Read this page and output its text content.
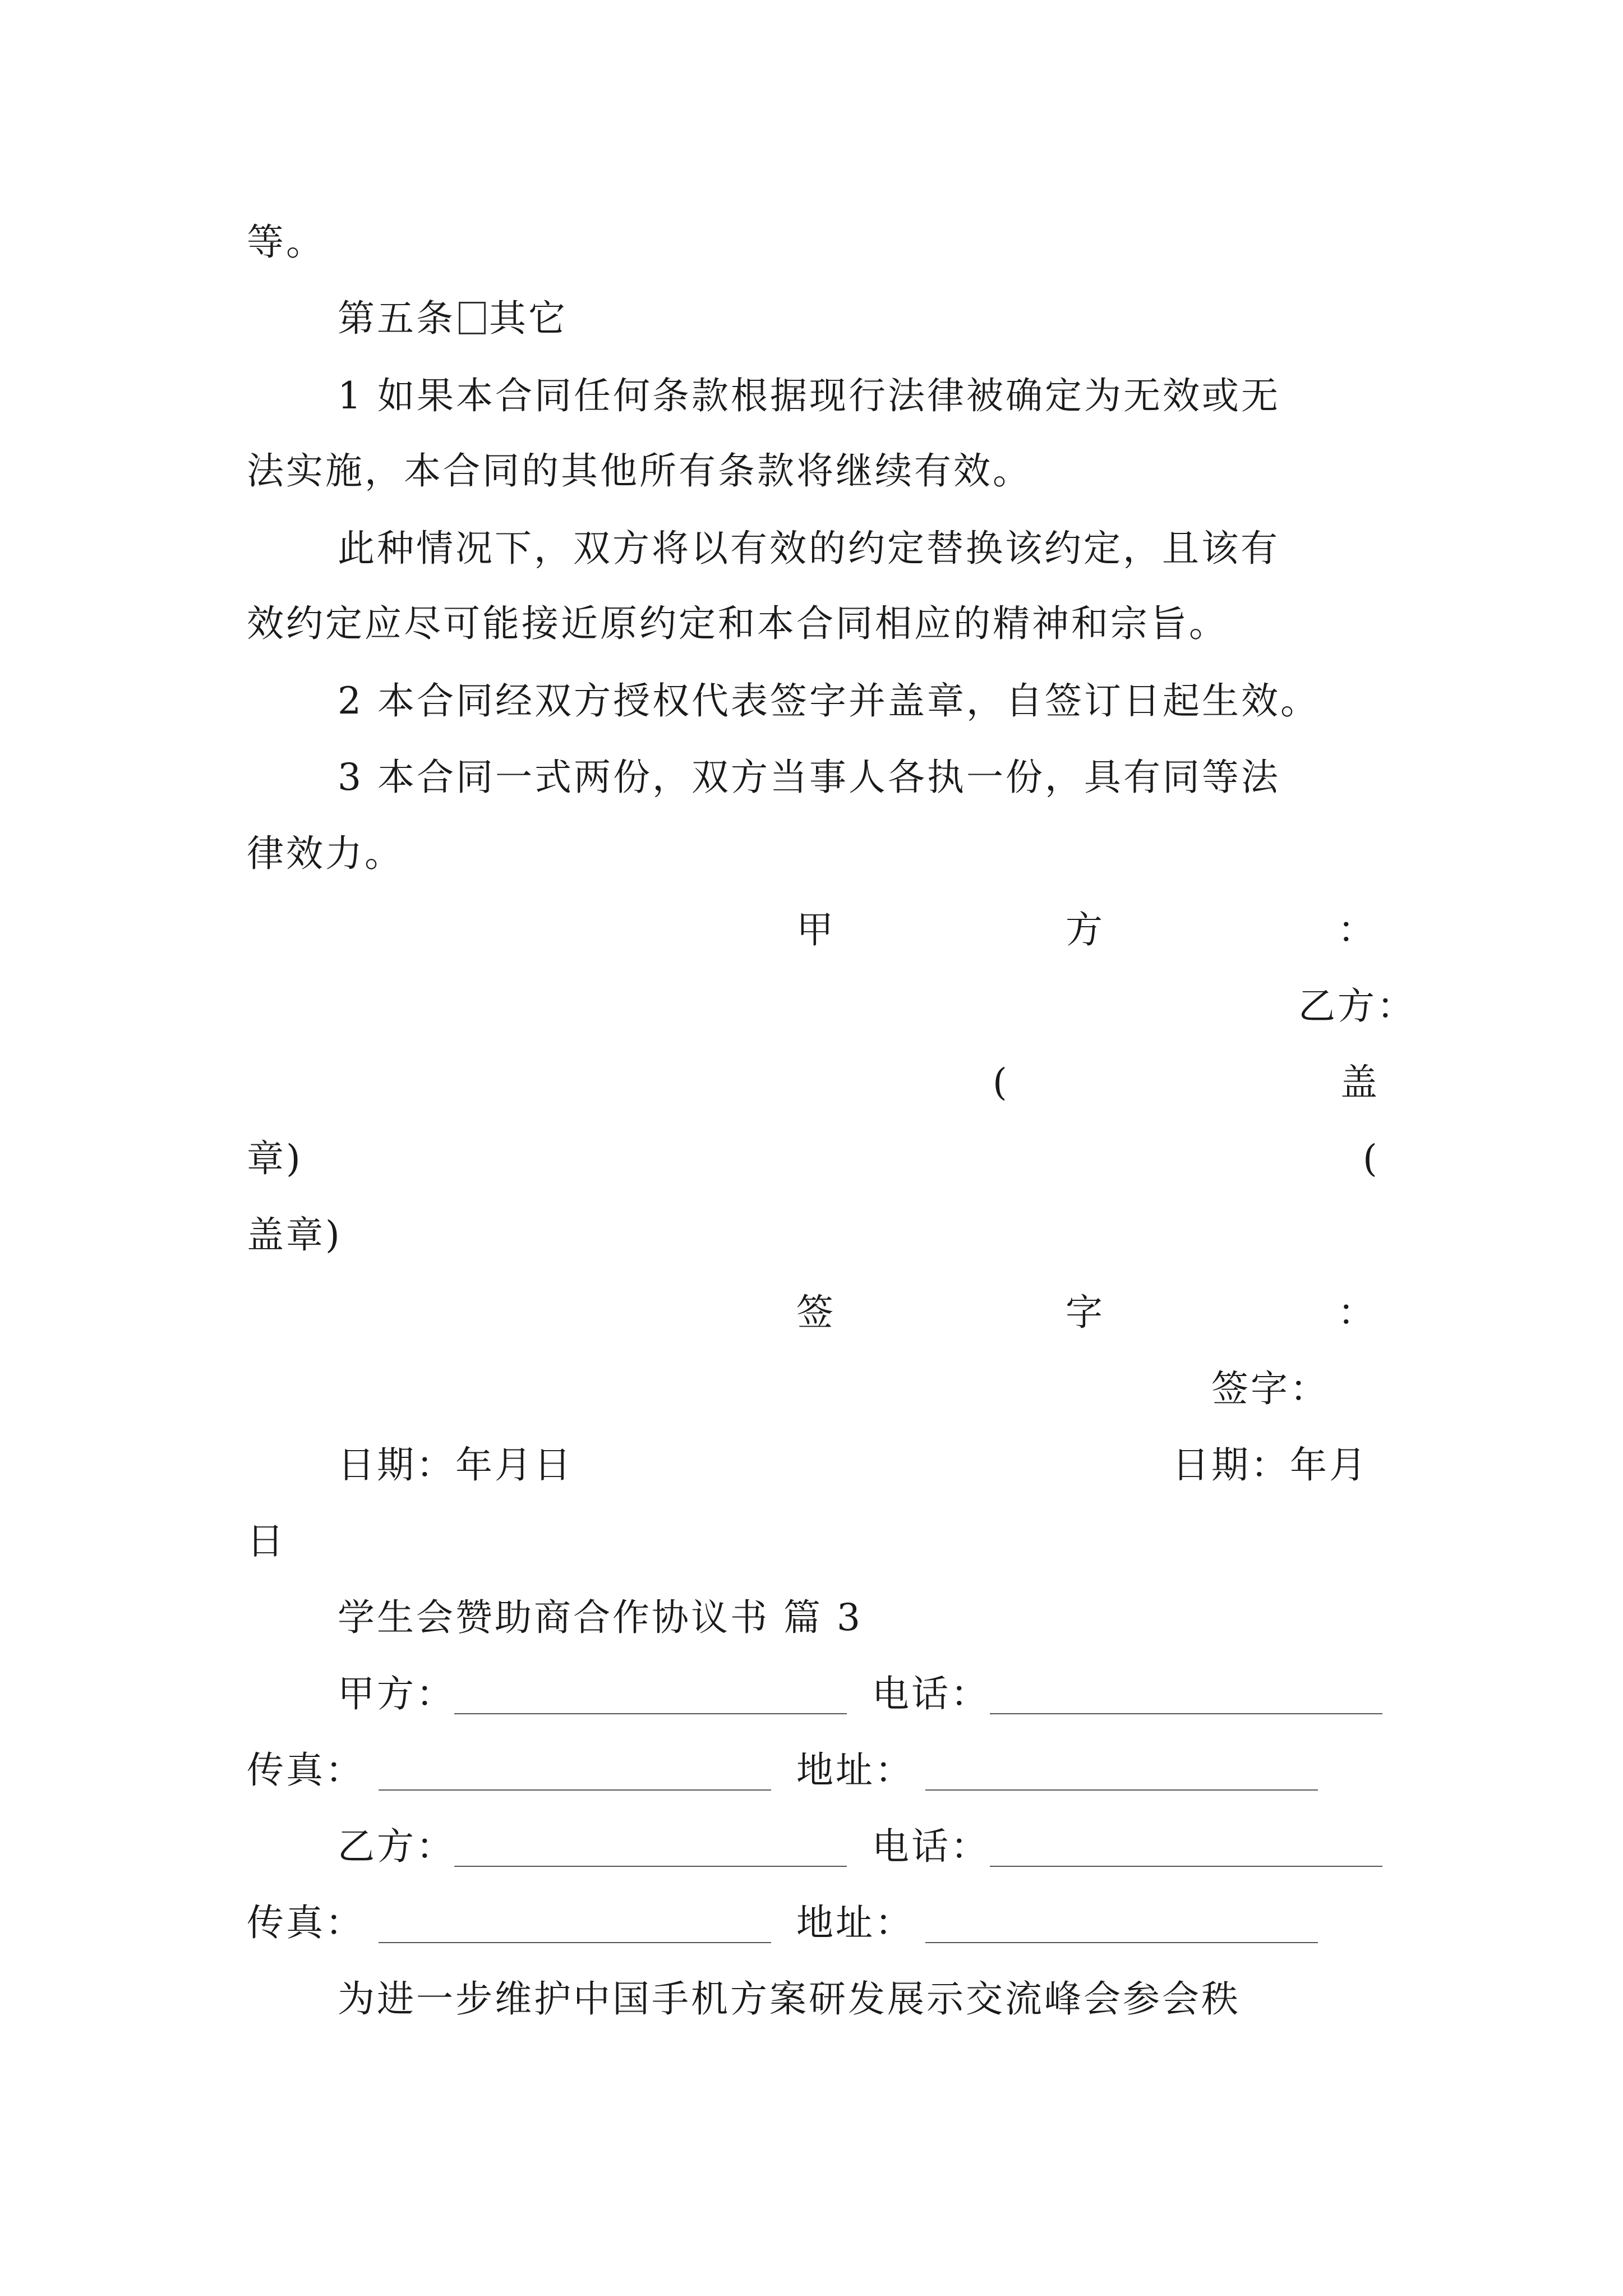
等。
第五条 其它
1 如果本合同任何条款根据现行法律被确定为无效或无
法实施，本合同的其他所有条款将继续有效。
此种情况下，双方将以有效的约定替换该约定，且该有
效约定应尽可能接近原约定和本合同相应的精神和宗旨。
2 本合同经双方授权代表签字并盖章，自签订日起生效。
3 本合同一式两份，双方当事人各执一份，具有同等法
律效力。
甲	方	：
乙方：
(	盖
章)	(
盖章)
签	字	：
签字：
日期：年月日	日期：年月
日
学生会赞助商合作协议书 篇 3
甲方：	电话：
传真：	地址：
乙方：	电话：
传真：	地址：
为进一步维护中国手机方案研发展示交流峰会参会秩
